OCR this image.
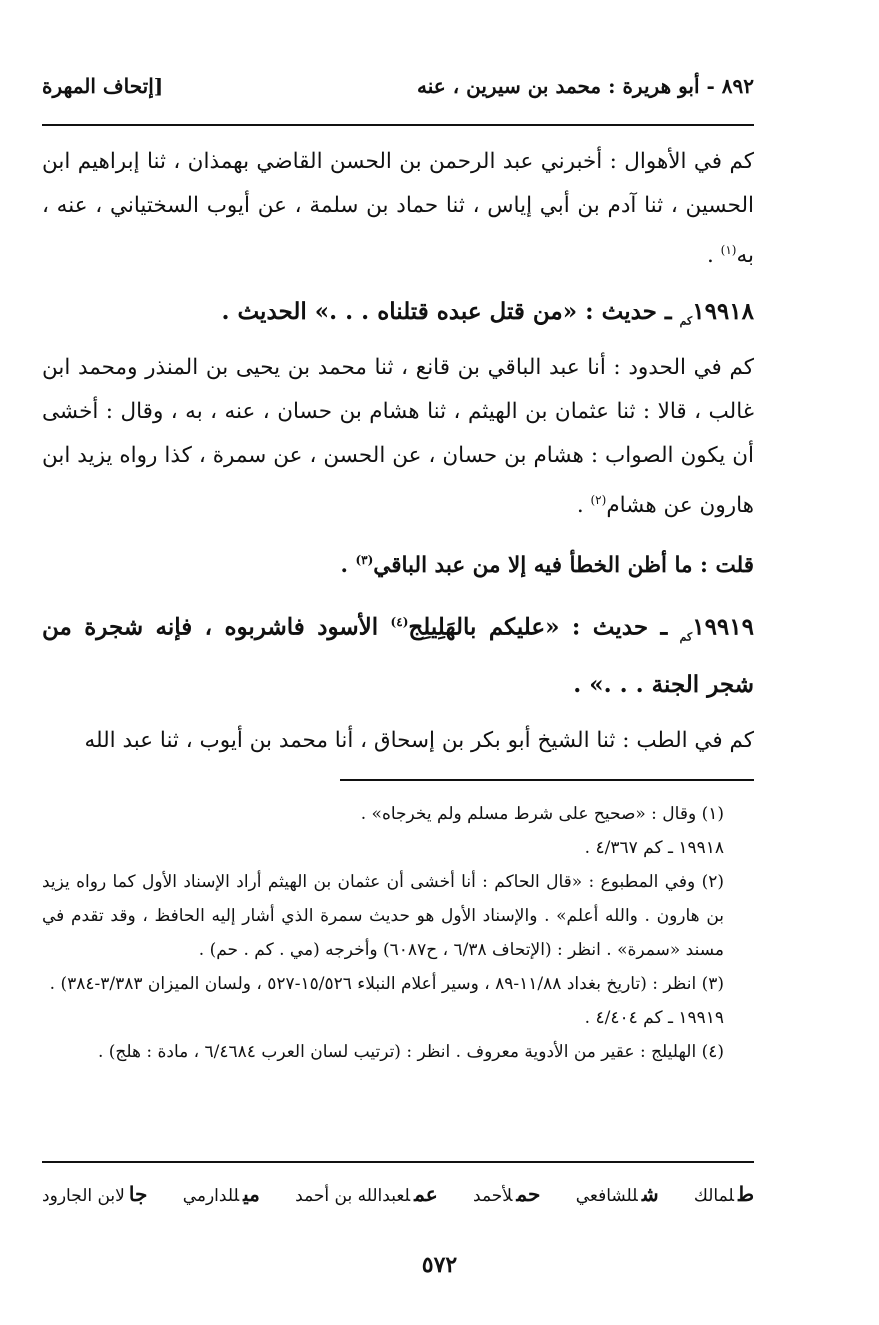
٨٩٢ - أبو هريرة : محمد بن سيرين ، عنه
[إتحاف المهرة

كم في الأهوال : أخبرني عبد الرحمن بن الحسن القاضي بهمذان ، ثنا إبراهيم ابن الحسين ، ثنا آدم بن أبي إياس ، ثنا حماد بن سلمة ، عن أيوب السختياني ، عنه ، به$^{(١)}$ .

$١٩٩١٨_{كم}$ ـ حديث : «من قتل عبده قتلناه . . .» الحديث .

كم في الحدود : أنا عبد الباقي بن قانع ، ثنا محمد بن يحيى بن المنذر ومحمد ابن غالب ، قالا : ثنا عثمان بن الهيثم ، ثنا هشام بن حسان ، عنه ، به ، وقال : أخشى أن يكون الصواب : هشام بن حسان ، عن الحسن ، عن سمرة ، كذا رواه يزيد ابن هارون عن هشام$^{(٢)}$ .

قلت : ما أظن الخطأ فيه إلا من عبد الباقي$^{(٣)}$ .

$١٩٩١٩_{كم}$ ـ حديث : «عليكم بالهَلِيلِج$^{(٤)}$ الأسود فاشربوه ، فإنه شجرة من شجر الجنة . . .» .

كم في الطب : ثنا الشيخ أبو بكر بن إسحاق ، أنا محمد بن أيوب ، ثنا عبد الله

(١) وقال : «صحيح على شرط مسلم ولم يخرجاه» .

١٩٩١٨ ـ كم ٤/٣٦٧ .

(٢) وفي المطبوع : «قال الحاكم : أنا أخشى أن عثمان بن الهيثم أراد الإسناد الأول كما رواه يزيد بن هارون . والله أعلم» . والإسناد الأول هو حديث سمرة الذي أشار إليه الحافظ ، وقد تقدم في مسند «سمرة» . انظر : (الإتحاف ٦/٣٨ ، ح٦٠٨٧) وأخرجه (مي . كم . حم) .

(٣) انظر : (تاريخ بغداد ١١/٨٨-٨٩ ، وسير أعلام النبلاء ١٥/٥٢٦-٥٢٧ ، ولسان الميزان ٣/٣٨٣-٣٨٤) .

١٩٩١٩ ـ كم ٤/٤٠٤ .

(٤) الهليلج : عقير من الأدوية معروف . انظر : (ترتيب لسان العرب ٦/٤٦٨٤ ، مادة : هلج) .

طلمالك
شللشافعي
حملأحمد
عملعبدالله بن أحمد
ميللدارمي
جالابن الجارود
٥٧٢
